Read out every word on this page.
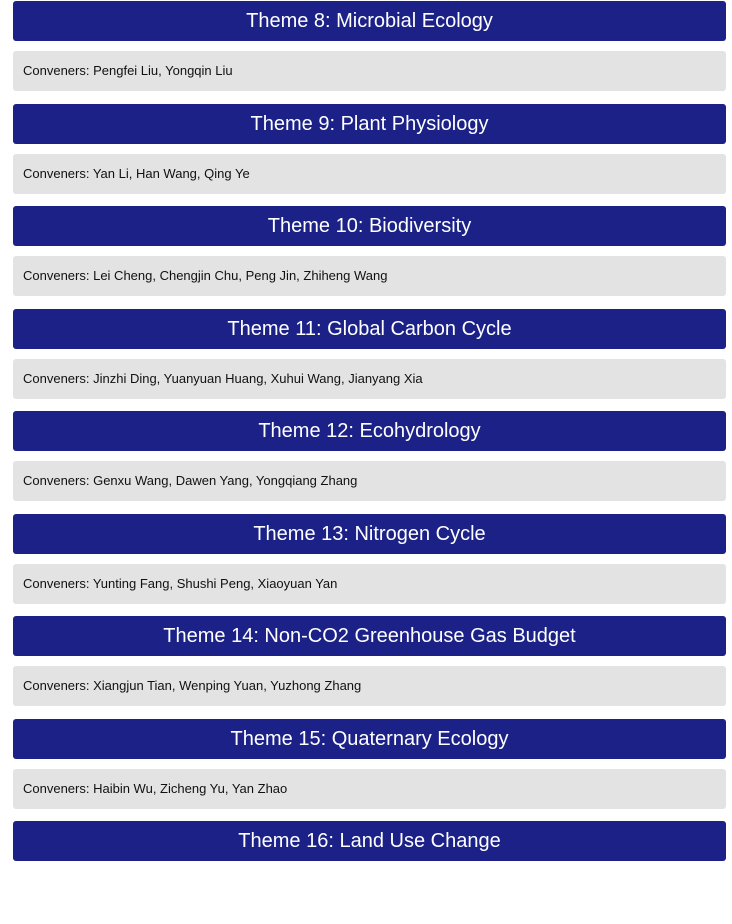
Theme 8: Microbial Ecology
Conveners: Pengfei Liu, Yongqin Liu
Theme 9: Plant Physiology
Conveners: Yan Li, Han Wang, Qing Ye
Theme 10: Biodiversity
Conveners: Lei Cheng, Chengjin Chu, Peng Jin, Zhiheng Wang
Theme 11: Global Carbon Cycle
Conveners: Jinzhi Ding, Yuanyuan Huang, Xuhui Wang, Jianyang Xia
Theme 12: Ecohydrology
Conveners: Genxu Wang, Dawen Yang, Yongqiang Zhang
Theme 13: Nitrogen Cycle
Conveners: Yunting Fang, Shushi Peng, Xiaoyuan Yan
Theme 14: Non-CO2 Greenhouse Gas Budget
Conveners: Xiangjun Tian, Wenping Yuan, Yuzhong Zhang
Theme 15: Quaternary Ecology
Conveners: Haibin Wu, Zicheng Yu, Yan Zhao
Theme 16: Land Use Change
